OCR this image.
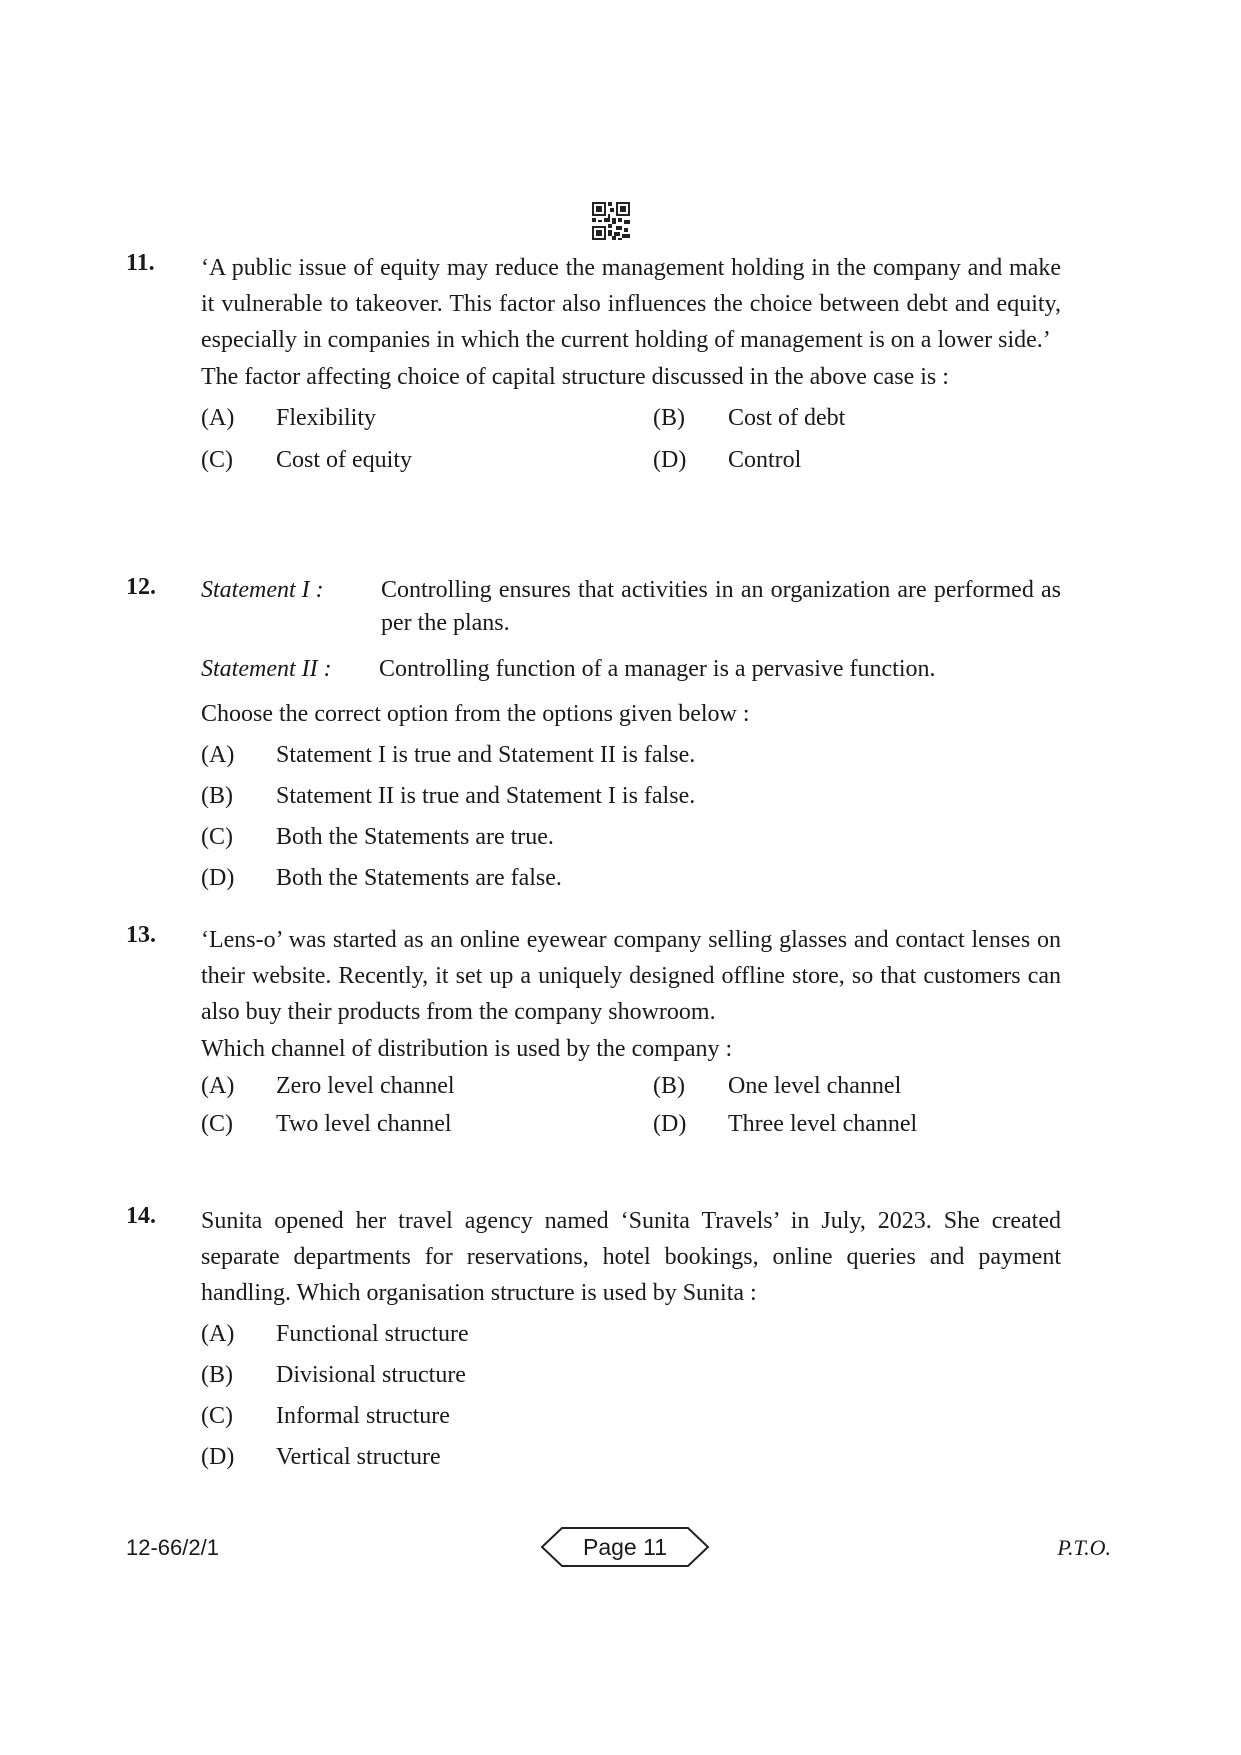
11. ‘A public issue of equity may reduce the management holding in the company and make it vulnerable to takeover. This factor also influences the choice between debt and equity, especially in companies in which the current holding of management is on a lower side.’

The factor affecting choice of capital structure discussed in the above case is :

(A)	Flexibility	(B)	Cost of debt
(C)	Cost of equity	(D)	Control
12. Statement I :	Controlling ensures that activities in an organization are performed as per the plans.
Statement II :	Controlling function of a manager is a pervasive function.

Choose the correct option from the options given below :

(A)	Statement I is true and Statement II is false.
(B)	Statement II is true and Statement I is false.
(C)	Both the Statements are true.
(D)	Both the Statements are false.
13. ‘Lens-o’ was started as an online eyewear company selling glasses and contact lenses on their website. Recently, it set up a uniquely designed offline store, so that customers can also buy their products from the company showroom.

Which channel of distribution is used by the company :

(A)	Zero level channel	(B)	One level channel
(C)	Two level channel	(D)	Three level channel
14. Sunita opened her travel agency named ‘Sunita Travels’ in July, 2023. She created separate departments for reservations, hotel bookings, online queries and payment handling. Which organisation structure is used by Sunita :

(A)	Functional structure
(B)	Divisional structure
(C)	Informal structure
(D)	Vertical structure
12-66/2/1	Page 11	P.T.O.
